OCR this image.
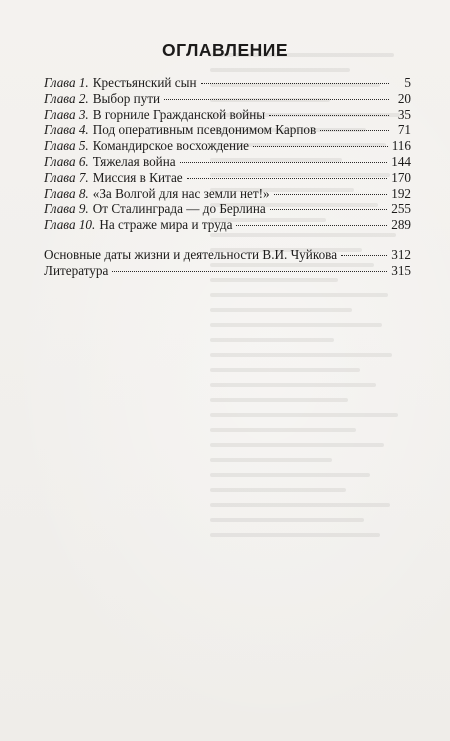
ОГЛАВЛЕНИЕ
Глава 1. Крестьянский сын	5
Глава 2. Выбор пути	20
Глава 3. В горниле Гражданской войны	35
Глава 4. Под оперативным псевдонимом Карпов	71
Глава 5. Командирское восхождение	116
Глава 6. Тяжелая война	144
Глава 7. Миссия в Китае	170
Глава 8. «За Волгой для нас земли нет!»	192
Глава 9. От Сталинграда — до Берлина	255
Глава 10. На страже мира и труда	289
Основные даты жизни и деятельности В.И. Чуйкова	312
Литература	315
